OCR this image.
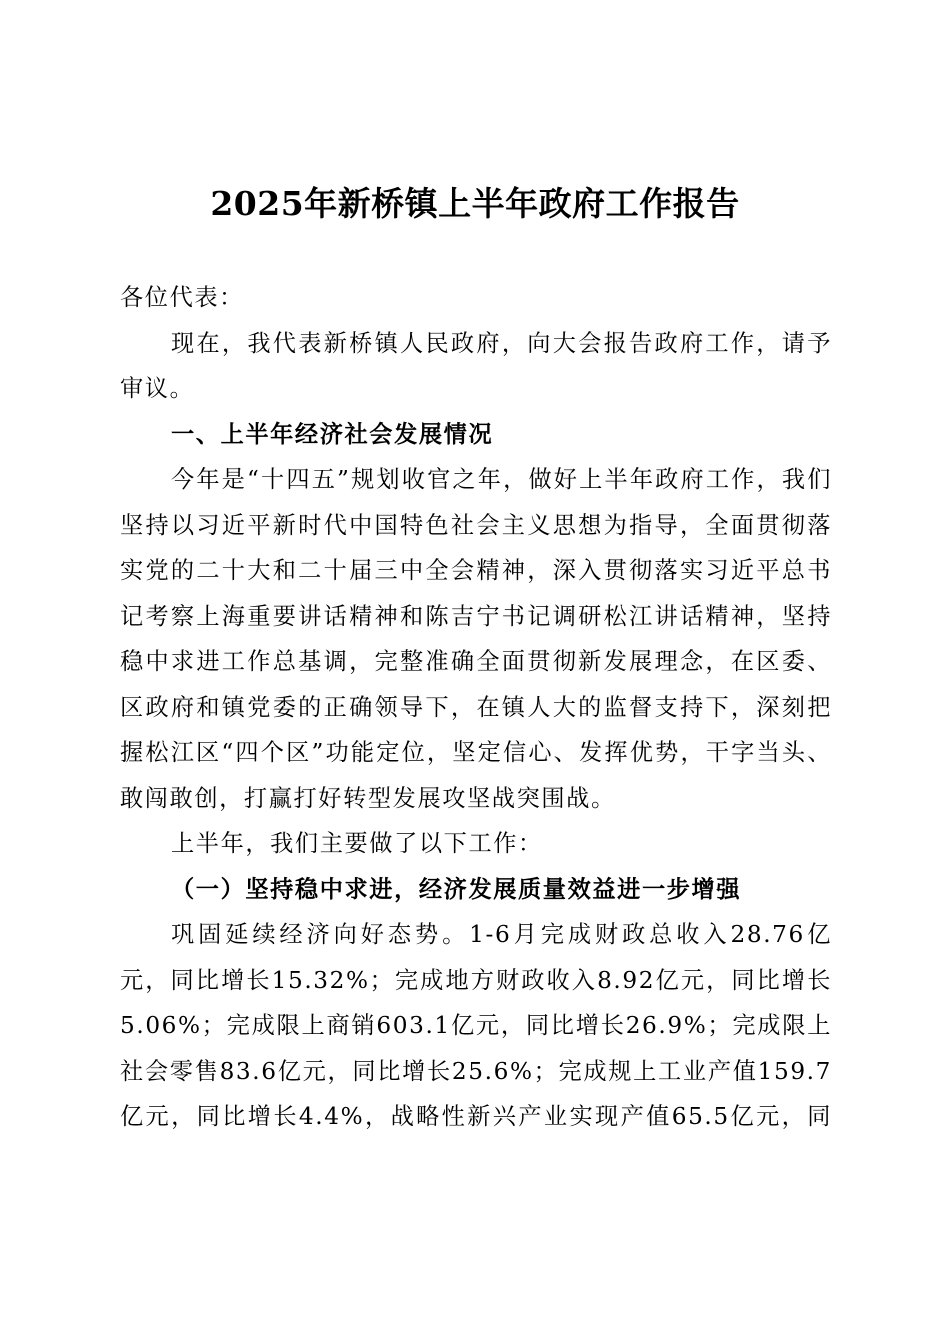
2025年新桥镇上半年政府工作报告

各位代表：

现在，我代表新桥镇人民政府，向大会报告政府工作，请予审议。

一、上半年经济社会发展情况

今年是“十四五”规划收官之年，做好上半年政府工作，我们坚持以习近平新时代中国特色社会主义思想为指导，全面贯彻落实党的二十大和二十届三中全会精神，深入贯彻落实习近平总书记考察上海重要讲话精神和陈吉宁书记调研松江讲话精神，坚持稳中求进工作总基调，完整准确全面贯彻新发展理念，在区委、区政府和镇党委的正确领导下，在镇人大的监督支持下，深刻把握松江区“四个区”功能定位，坚定信心、发挥优势，干字当头、敢闯敢创，打赢打好转型发展攻坚战突围战。

上半年，我们主要做了以下工作：

（一）坚持稳中求进，经济发展质量效益进一步增强

巩固延续经济向好态势。1-6月完成财政总收入28.76亿元，同比增长15.32%；完成地方财政收入8.92亿元，同比增长5.06%；完成限上商销603.1亿元，同比增长26.9%；完成限上社会零售83.6亿元，同比增长25.6%；完成规上工业产值159.7亿元，同比增长4.4%，战略性新兴产业实现产值65.5亿元，同
